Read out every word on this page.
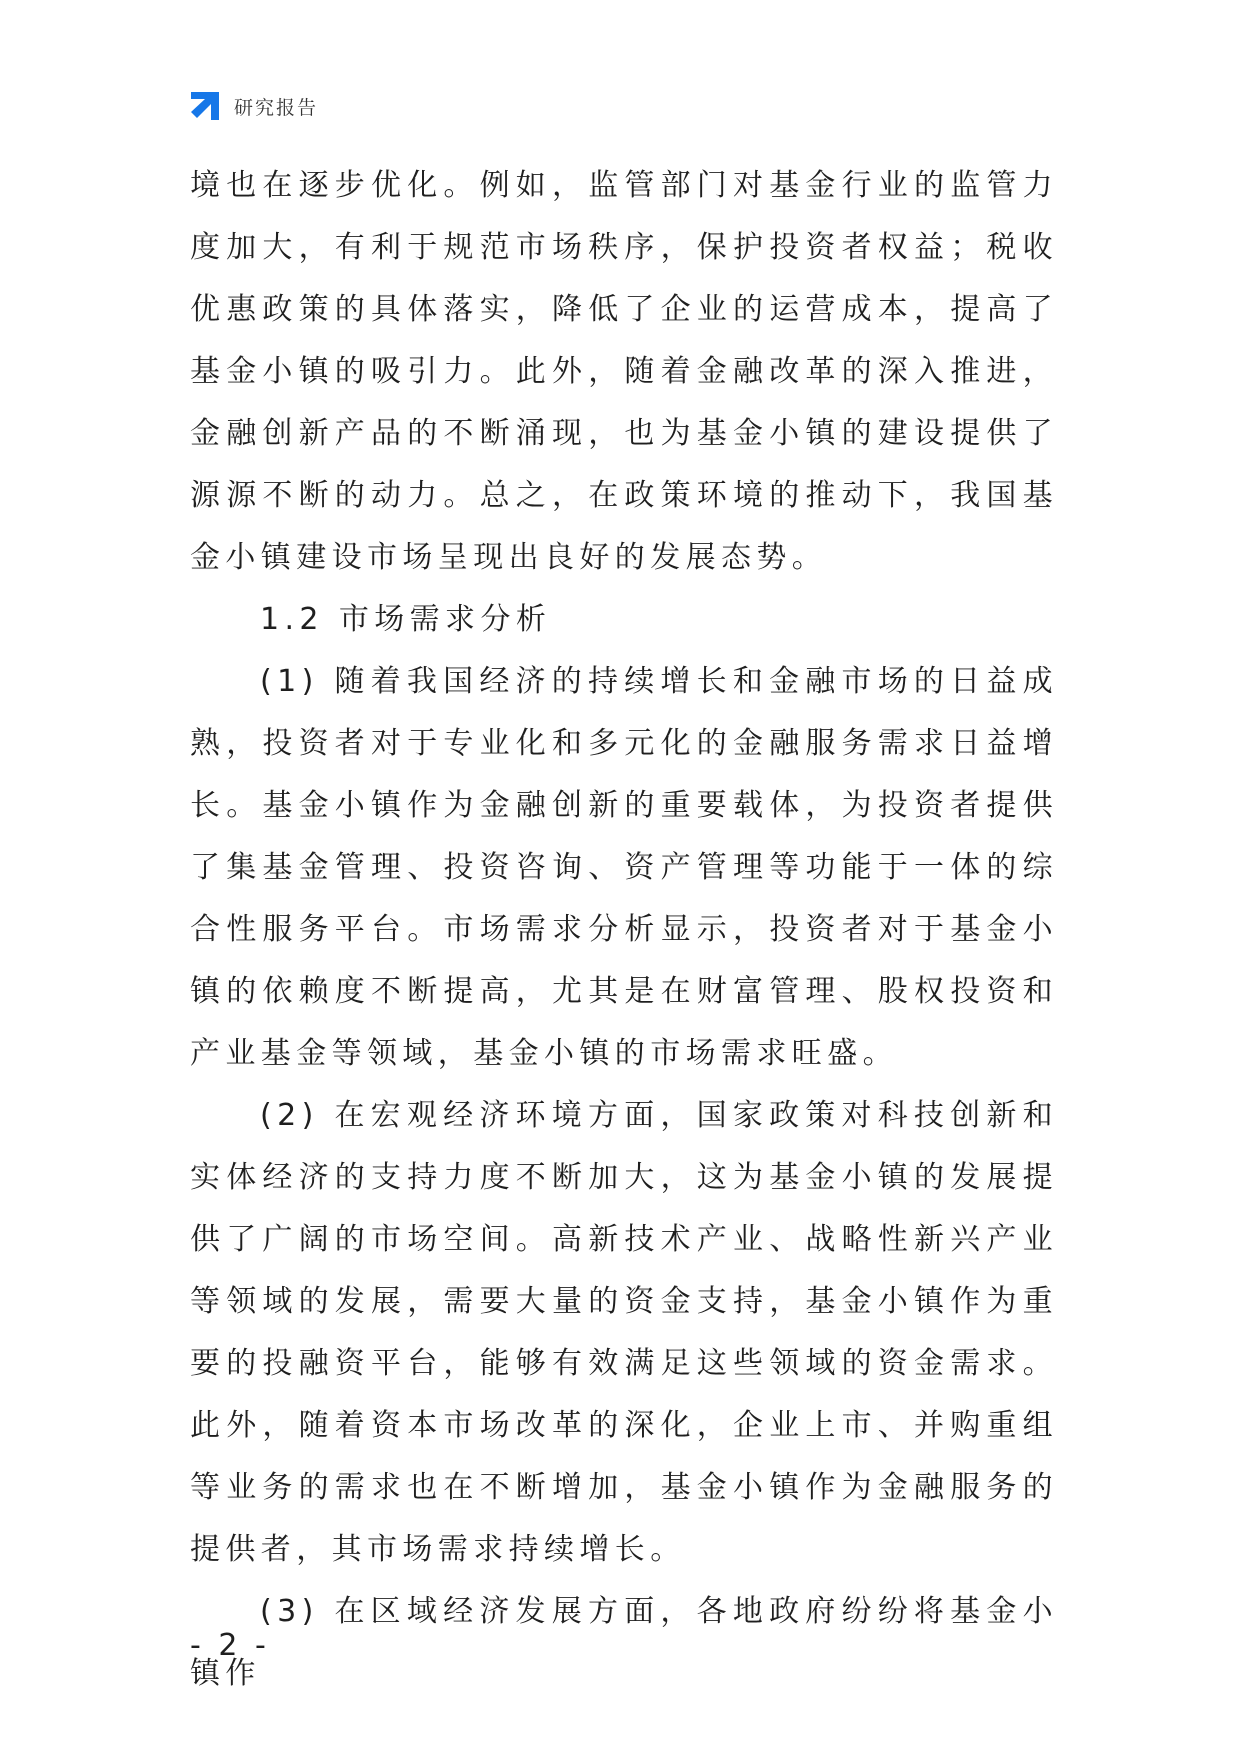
研究报告

境也在逐步优化。例如，监管部门对基金行业的监管力度加大，有利于规范市场秩序，保护投资者权益；税收优惠政策的具体落实，降低了企业的运营成本，提高了基金小镇的吸引力。此外，随着金融改革的深入推进，金融创新产品的不断涌现，也为基金小镇的建设提供了源源不断的动力。总之，在政策环境的推动下，我国基金小镇建设市场呈现出良好的发展态势。

1.2 市场需求分析

(1) 随着我国经济的持续增长和金融市场的日益成熟，投资者对于专业化和多元化的金融服务需求日益增长。基金小镇作为金融创新的重要载体，为投资者提供了集基金管理、投资咨询、资产管理等功能于一体的综合性服务平台。市场需求分析显示，投资者对于基金小镇的依赖度不断提高，尤其是在财富管理、股权投资和产业基金等领域，基金小镇的市场需求旺盛。

(2) 在宏观经济环境方面，国家政策对科技创新和实体经济的支持力度不断加大，这为基金小镇的发展提供了广阔的市场空间。高新技术产业、战略性新兴产业等领域的发展，需要大量的资金支持，基金小镇作为重要的投融资平台，能够有效满足这些领域的资金需求。此外，随着资本市场改革的深化，企业上市、并购重组等业务的需求也在不断增加，基金小镇作为金融服务的提供者，其市场需求持续增长。

(3) 在区域经济发展方面，各地政府纷纷将基金小镇作

- 2 -
